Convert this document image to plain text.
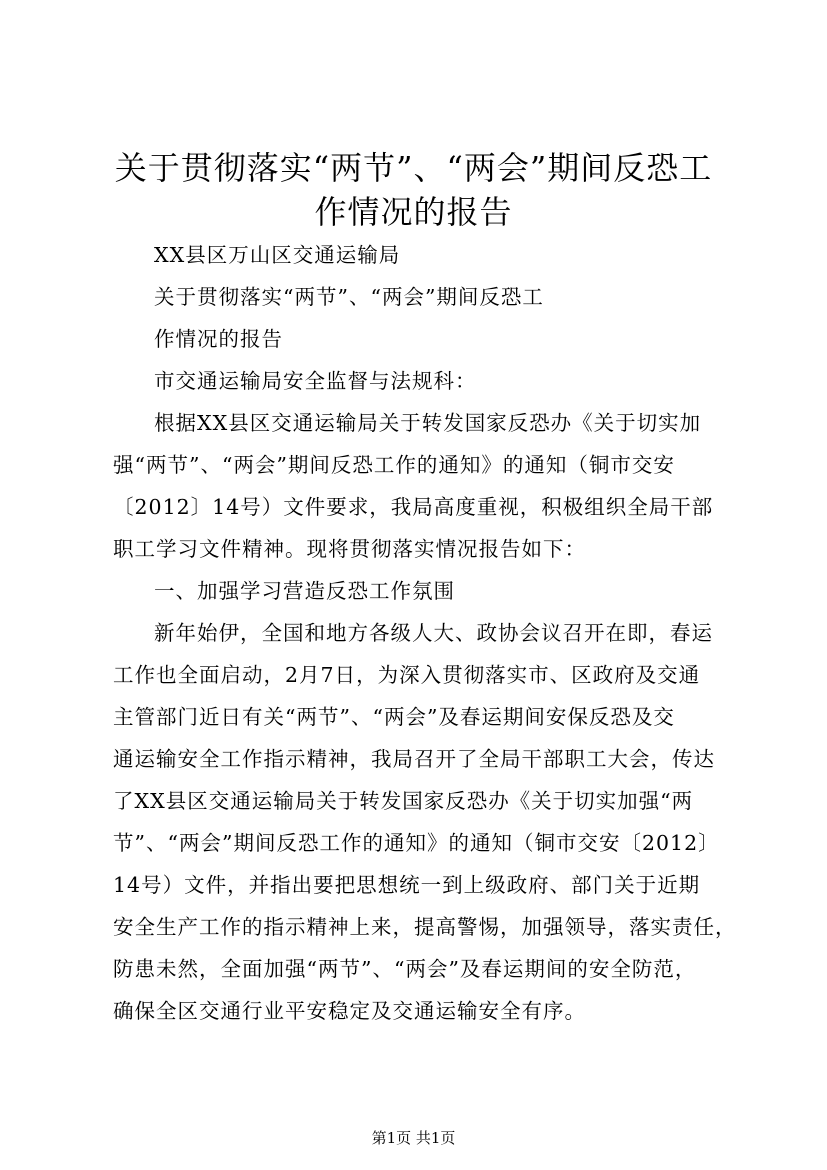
关于贯彻落实“两节”、“两会”期间反恐工
作情况的报告

XX县区万山区交通运输局

关于贯彻落实“两节”、“两会”期间反恐工

作情况的报告

市交通运输局安全监督与法规科：

根据XX县区交通运输局关于转发国家反恐办《关于切实加

强“两节”、“两会”期间反恐工作的通知》的通知（铜市交安

〔2012〕14号）文件要求，我局高度重视，积极组织全局干部

职工学习文件精神。现将贯彻落实情况报告如下：

一、加强学习营造反恐工作氛围

新年始伊，全国和地方各级人大、政协会议召开在即，春运

工作也全面启动，2月7日，为深入贯彻落实市、区政府及交通

主管部门近日有关“两节”、“两会”及春运期间安保反恐及交

通运输安全工作指示精神，我局召开了全局干部职工大会，传达

了XX县区交通运输局关于转发国家反恐办《关于切实加强“两

节”、“两会”期间反恐工作的通知》的通知（铜市交安〔2012〕

14号）文件，并指出要把思想统一到上级政府、部门关于近期

安全生产工作的指示精神上来，提高警惕，加强领导，落实责任，

防患未然，全面加强“两节”、“两会”及春运期间的安全防范，

确保全区交通行业平安稳定及交通运输安全有序。

第1页 共1页
